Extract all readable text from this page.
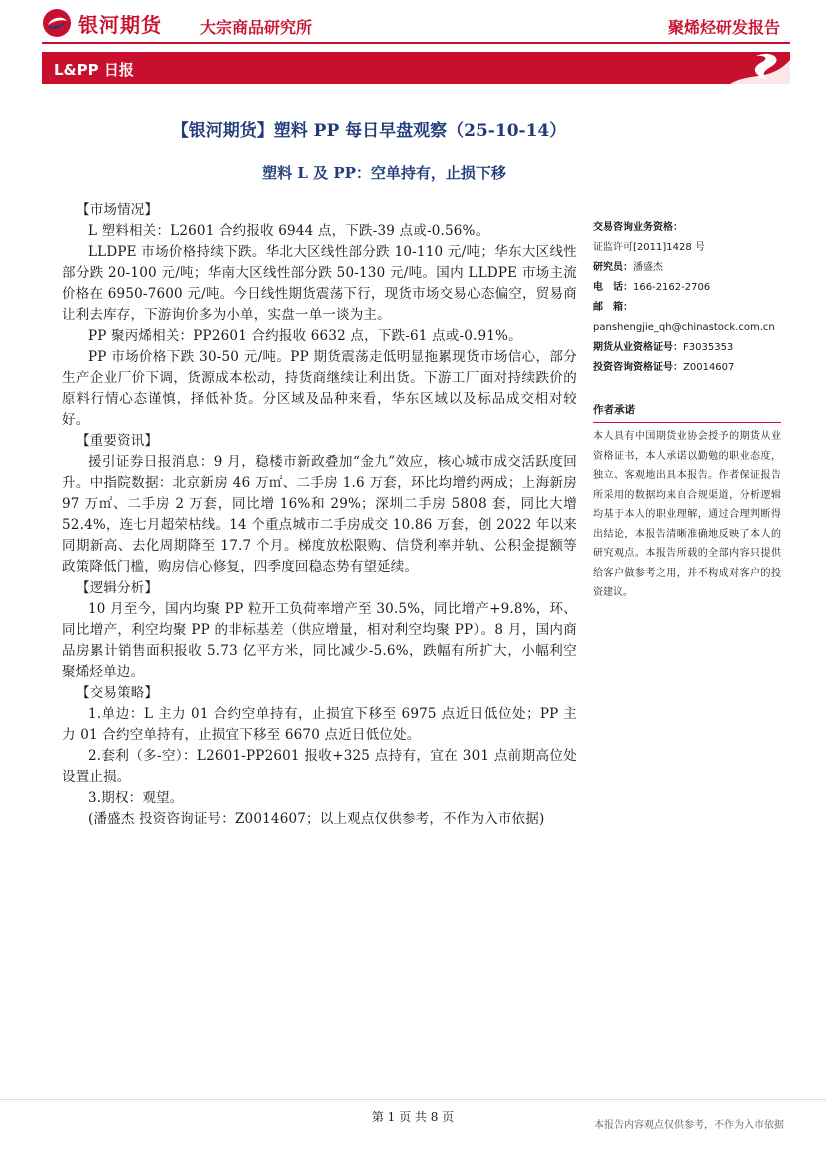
银河期货 大宗商品研究所	聚烯烃研发报告
L&PP 日报
【银河期货】塑料 PP 每日早盘观察（25-10-14）
塑料 L 及 PP：空单持有，止损下移

【市场情况】

L 塑料相关：L2601 合约报收 6944 点，下跌-39 点或-0.56%。

LLDPE 市场价格持续下跌。华北大区线性部分跌 10-110 元/吨；华东大区线性部分跌 20-100 元/吨；华南大区线性部分跌 50-130 元/吨。国内 LLDPE 市场主流价格在 6950-7600 元/吨。今日线性期货震荡下行，现货市场交易心态偏空，贸易商让利去库存，下游询价多为小单，实盘一单一谈为主。

PP 聚丙烯相关：PP2601 合约报收 6632 点，下跌-61 点或-0.91%。

PP 市场价格下跌 30-50 元/吨。PP 期货震荡走低明显拖累现货市场信心，部分生产企业厂价下调，货源成本松动，持货商继续让利出货。下游工厂面对持续跌价的原料行情心态谨慎，择低补货。分区域及品种来看，华东区域以及标品成交相对较好。

【重要资讯】

援引证券日报消息：9 月，稳楼市新政叠加“金九”效应，核心城市成交活跃度回升。中指院数据：北京新房 46 万㎡、二手房 1.6 万套，环比均增约两成；上海新房 97 万㎡、二手房 2 万套，同比增 16%和 29%；深圳二手房 5808 套，同比大增 52.4%，连七月超荣枯线。14 个重点城市二手房成交 10.86 万套，创 2022 年以来同期新高、去化周期降至 17.7 个月。梯度放松限购、信贷利率并轨、公积金提额等政策降低门槛，购房信心修复，四季度回稳态势有望延续。

【逻辑分析】

10 月至今，国内均聚 PP 粒开工负荷率增产至 30.5%，同比增产+9.8%，环、同比增产，利空均聚 PP 的非标基差（供应增量，相对利空均聚 PP）。8 月，国内商品房累计销售面积报收 5.73 亿平方米，同比减少-5.6%，跌幅有所扩大，小幅利空聚烯烃单边。

【交易策略】

1.单边：L 主力 01 合约空单持有，止损宜下移至 6975 点近日低位处；PP 主力 01 合约空单持有，止损宜下移至 6670 点近日低位处。

2.套利（多-空）：L2601-PP2601 报收+325 点持有，宜在 301 点前期高位处设置止损。

3.期权：观望。

(潘盛杰 投资咨询证号：Z0014607；以上观点仅供参考，不作为入市依据)

交易咨询业务资格：
证监许可[2011]1428 号
研究员：潘盛杰
电　话：166-2162-2706
邮　箱：
panshengjie_qh@chinastock.com.cn
期货从业资格证号：F3035353
投资咨询资格证号：Z0014607
作者承诺
本人具有中国期货业协会授予的期货从业资格证书，本人承诺以勤勉的职业态度，独立、客观地出具本报告。作者保证报告所采用的数据均来自合规渠道，分析逻辑均基于本人的职业理解，通过合理判断得出结论，本报告清晰准确地反映了本人的研究观点。本报告所载的全部内容只提供给客户做参考之用，并不构成对客户的投资建议。
第 1 页 共 8 页
本报告内容观点仅供参考，不作为入市依据
